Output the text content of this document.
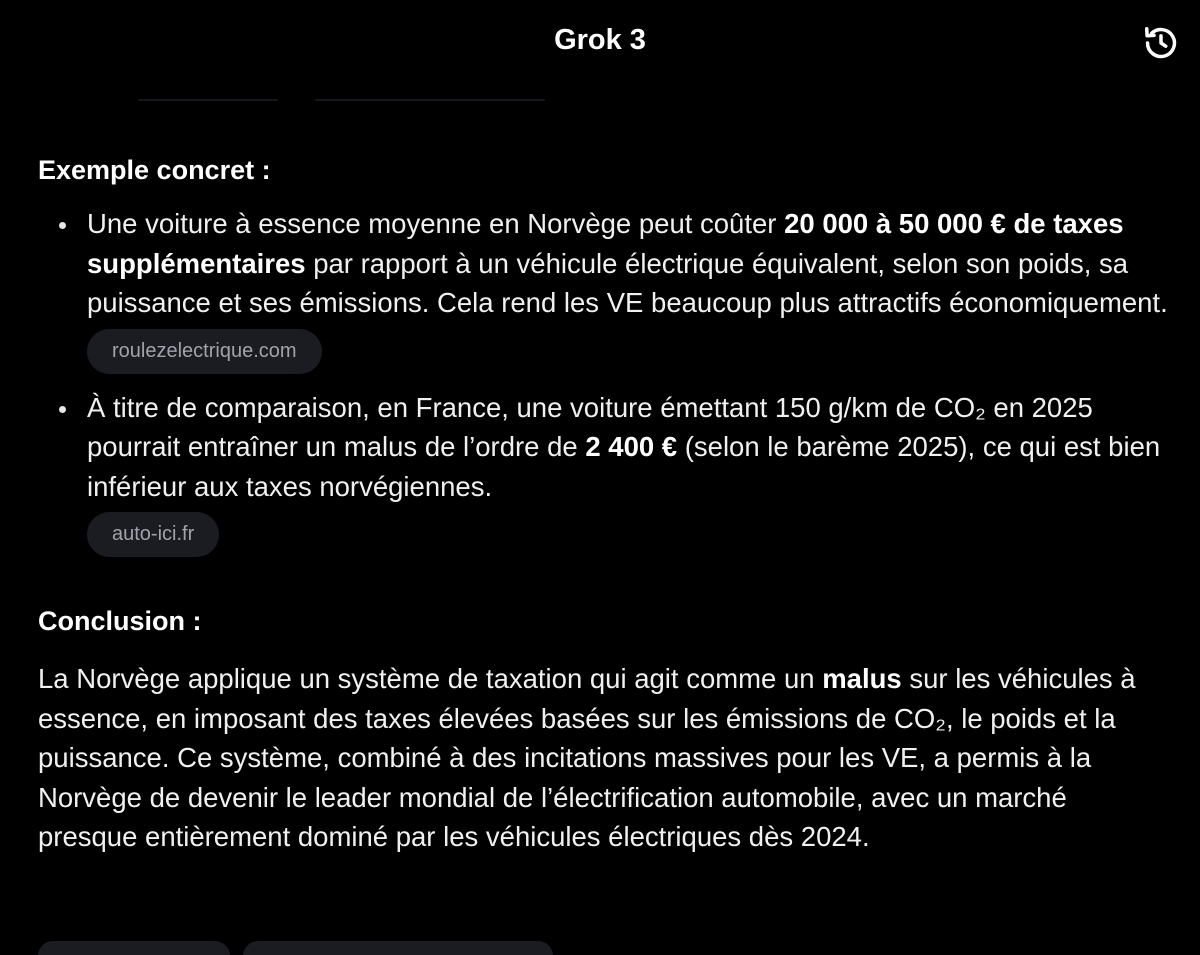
Grok 3
Exemple concret :

Une voiture à essence moyenne en Norvège peut coûter 20 000 à 50 000 € de taxes supplémentaires par rapport à un véhicule électrique équivalent, selon son poids, sa puissance et ses émissions. Cela rend les VE beaucoup plus attractifs économiquement.

roulezelectrique.com

À titre de comparaison, en France, une voiture émettant 150 g/km de CO₂ en 2025 pourrait entraîner un malus de l’ordre de 2 400 € (selon le barème 2025), ce qui est bien inférieur aux taxes norvégiennes.

auto-ici.fr
Conclusion :

La Norvège applique un système de taxation qui agit comme un malus sur les véhicules à essence, en imposant des taxes élevées basées sur les émissions de CO₂, le poids et la puissance. Ce système, combiné à des incitations massives pour les VE, a permis à la Norvège de devenir le leader mondial de l’électrification automobile, avec un marché presque entièrement dominé par les véhicules électriques dès 2024.
